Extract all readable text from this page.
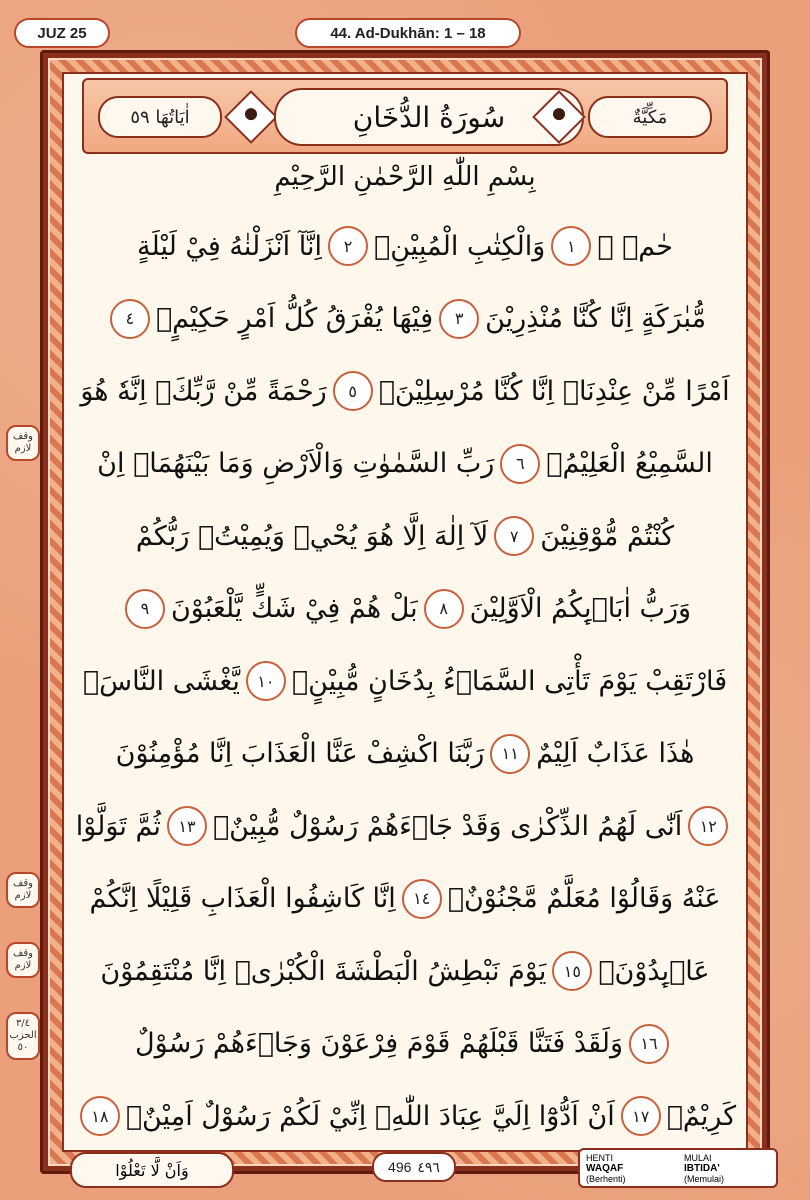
JUZ 25	44. Ad-Dukhān: 1 – 18
اٰيَاتُهَا ٥٩	سُورَةُ الدُّخَانِ	مَكِّيَّةٌ
بِسْمِ اللّٰهِ الرَّحْمٰنِ الرَّحِيْمِ
حٰمۤ ۚ
١
وَالْكِتٰبِ الْمُبِيْنِۙ
٢
اِنَّآ اَنْزَلْنٰهُ فِيْ لَيْلَةٍ
مُّبٰرَكَةٍ اِنَّا كُنَّا مُنْذِرِيْنَ
٣
فِيْهَا يُفْرَقُ كُلُّ اَمْرٍ حَكِيْمٍۙ
٤
اَمْرًا مِّنْ عِنْدِنَاۗ اِنَّا كُنَّا مُرْسِلِيْنَۖ
٥
رَحْمَةً مِّنْ رَّبِّكَۗ اِنَّهٗ هُوَ
السَّمِيْعُ الْعَلِيْمُۗ
٦
رَبِّ السَّمٰوٰتِ وَالْاَرْضِ وَمَا بَيْنَهُمَاۘ اِنْ
كُنْتُمْ مُّوْقِنِيْنَ
٧
لَآ اِلٰهَ اِلَّا هُوَ يُحْيٖ وَيُمِيْتُۗ رَبُّكُمْ
وَرَبُّ اٰبَاۤىِٕكُمُ الْاَوَّلِيْنَ
٨
بَلْ هُمْ فِيْ شَكٍّ يَّلْعَبُوْنَ
٩
فَارْتَقِبْ يَوْمَ تَأْتِى السَّمَاۤءُ بِدُخَانٍ مُّبِيْنٍۙ
١٠
يَّغْشَى النَّاسَۗ
هٰذَا عَذَابٌ اَلِيْمٌ
١١
رَبَّنَا اكْشِفْ عَنَّا الْعَذَابَ اِنَّا مُؤْمِنُوْنَ
١٢
اَنّٰى لَهُمُ الذِّكْرٰى وَقَدْ جَاۤءَهُمْ رَسُوْلٌ مُّبِيْنٌۙ
١٣
ثُمَّ تَوَلَّوْا
عَنْهُ وَقَالُوْا مُعَلَّمٌ مَّجْنُوْنٌۘ
١٤
اِنَّا كَاشِفُوا الْعَذَابِ قَلِيْلًا اِنَّكُمْ
عَاۤىِٕدُوْنَۘ
١٥
يَوْمَ نَبْطِشُ الْبَطْشَةَ الْكُبْرٰىۚ اِنَّا مُنْتَقِمُوْنَ
١٦
وَلَقَدْ فَتَنَّا قَبْلَهُمْ قَوْمَ فِرْعَوْنَ وَجَاۤءَهُمْ رَسُوْلٌ
كَرِيْمٌۙ
١٧
اَنْ اَدُّوْٓا اِلَيَّ عِبَادَ اللّٰهِۗ اِنِّيْ لَكُمْ رَسُوْلٌ اَمِيْنٌۙ
١٨
وقف لازم
وقف لازم
وقف لازم
٣/٤ الحزب ٥٠
وَاَنْ لَّا تَعْلُوْا	496 ٤٩٦
HENTI
WAQAF
(Berhenti)
MULAI
IBTIDA'
(Memulai)
